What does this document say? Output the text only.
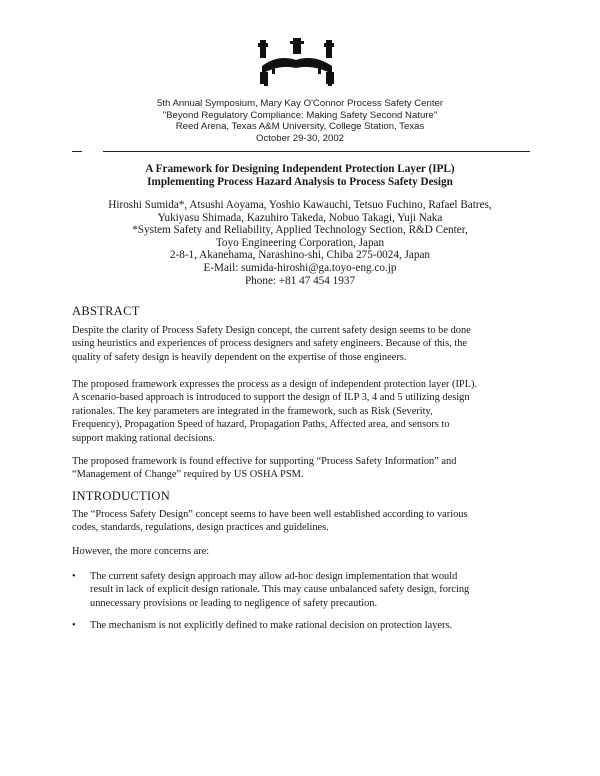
5th Annual Symposium, Mary Kay O'Connor Process Safety Center
"Beyond Regulatory Compliance: Making Safety Second Nature"
Reed Arena, Texas A&M University, College Station, Texas
October 29-30, 2002
A Framework for Designing Independent Protection Layer (IPL)
Implementing Process Hazard Analysis to Process Safety Design
Hiroshi Sumida*, Atsushi Aoyama, Yoshio Kawauchi, Tetsuo Fuchino, Rafael Batres,
Yukiyasu Shimada, Kazuhiro Takeda, Nobuo Takagi, Yuji Naka
*System Safety and Reliability, Applied Technology Section, R&D Center,
Toyo Engineering Corporation, Japan
2-8-1, Akanehama, Narashino-shi, Chiba 275-0024, Japan
E-Mail: sumida-hiroshi@ga.toyo-eng.co.jp
Phone: +81 47 454 1937
ABSTRACT
Despite the clarity of Process Safety Design concept, the current safety design seems to be done
using heuristics and experiences of process designers and safety engineers. Because of this, the
quality of safety design is heavily dependent on the expertise of those engineers.
The proposed framework expresses the process as a design of independent protection layer (IPL).
A scenario-based approach is introduced to support the design of ILP 3, 4 and 5 utilizing design
rationales. The key parameters are integrated in the framework, such as Risk (Severity,
Frequency), Propagation Speed of hazard, Propagation Paths, Affected area, and sensors to
support making rational decisions.
The proposed framework is found effective for supporting “Process Safety Information” and
“Management of Change” required by US OSHA PSM.
INTRODUCTION
The “Process Safety Design” concept seems to have been well established according to various
codes, standards, regulations, design practices and guidelines.
However, the more concerns are:
• The current safety design approach may allow ad-hoc design implementation that would
result in lack of explicit design rationale. This may cause unbalanced safety design, forcing
unnecessary provisions or leading to negligence of safety precaution.
• The mechanism is not explicitly defined to make rational decision on protection layers.
